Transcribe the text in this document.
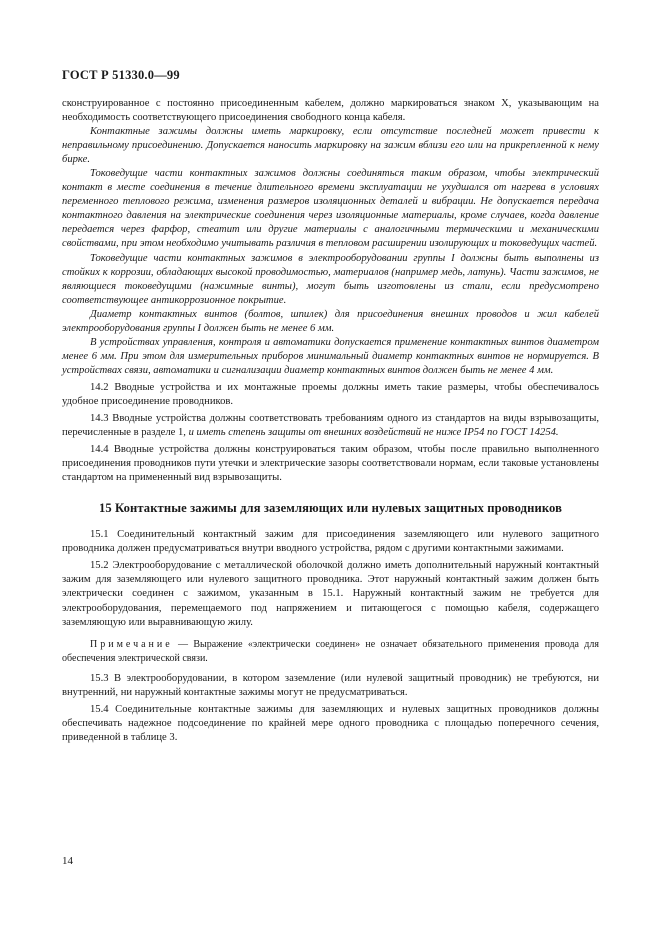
ГОСТ Р 51330.0—99

сконструированное с постоянно присоединенным кабелем, должно маркироваться знаком X, указывающим на необходимость соответствующего присоединения свободного конца кабеля.

Контактные зажимы должны иметь маркировку, если отсутствие последней может привести к неправильному присоединению. Допускается наносить маркировку на зажим вблизи его или на прикрепленной к нему бирке.

Токоведущие части контактных зажимов должны соединяться таким образом, чтобы электрический контакт в месте соединения в течение длительного времени эксплуатации не ухудшался от нагрева в условиях переменного теплового режима, изменения размеров изоляционных деталей и вибрации. Не допускается передача контактного давления на электрические соединения через изоляционные материалы, кроме случаев, когда давление передается через фарфор, стеатит или другие материалы с аналогичными термическими и механическими свойствами, при этом необходимо учитывать различия в тепловом расширении изолирующих и токоведущих частей.

Токоведущие части контактных зажимов в электрооборудовании группы I должны быть выполнены из стойких к коррозии, обладающих высокой проводимостью, материалов (например медь, латунь). Части зажимов, не являющиеся токоведущими (нажимные винты), могут быть изготовлены из стали, если предусмотрено соответствующее антикоррозионное покрытие.

Диаметр контактных винтов (болтов, шпилек) для присоединения внешних проводов и жил кабелей электрооборудования группы I должен быть не менее 6 мм.

В устройствах управления, контроля и автоматики допускается применение контактных винтов диаметром менее 6 мм. При этом для измерительных приборов минимальный диаметр контактных винтов не нормируется. В устройствах связи, автоматики и сигнализации диаметр контактных винтов должен быть не менее 4 мм.

14.2 Вводные устройства и их монтажные проемы должны иметь такие размеры, чтобы обеспечивалось удобное присоединение проводников.

14.3 Вводные устройства должны соответствовать требованиям одного из стандартов на виды взрывозащиты, перечисленные в разделе 1, и иметь степень защиты от внешних воздействий не ниже IP54 по ГОСТ 14254.

14.4 Вводные устройства должны конструироваться таким образом, чтобы после правильно выполненного присоединения проводников пути утечки и электрические зазоры соответствовали нормам, если таковые установлены стандартом на примененный вид взрывозащиты.

15 Контактные зажимы для заземляющих или нулевых защитных проводников

15.1 Соединительный контактный зажим для присоединения заземляющего или нулевого защитного проводника должен предусматриваться внутри вводного устройства, рядом с другими контактными зажимами.

15.2 Электрооборудование с металлической оболочкой должно иметь дополнительный наружный контактный зажим для заземляющего или нулевого защитного проводника. Этот наружный контактный зажим должен быть электрически соединен с зажимом, указанным в 15.1. Наружный контактный зажим не требуется для электрооборудования, перемещаемого под напряжением и питающегося с помощью кабеля, содержащего заземляющую или выравнивающую жилу.

Примечание — Выражение «электрически соединен» не означает обязательного применения провода для обеспечения электрической связи.

15.3 В электрооборудовании, в котором заземление (или нулевой защитный проводник) не требуются, ни внутренний, ни наружный контактные зажимы могут не предусматриваться.

15.4 Соединительные контактные зажимы для заземляющих и нулевых защитных проводников должны обеспечивать надежное подсоединение по крайней мере одного проводника с площадью поперечного сечения, приведенной в таблице 3.

14
